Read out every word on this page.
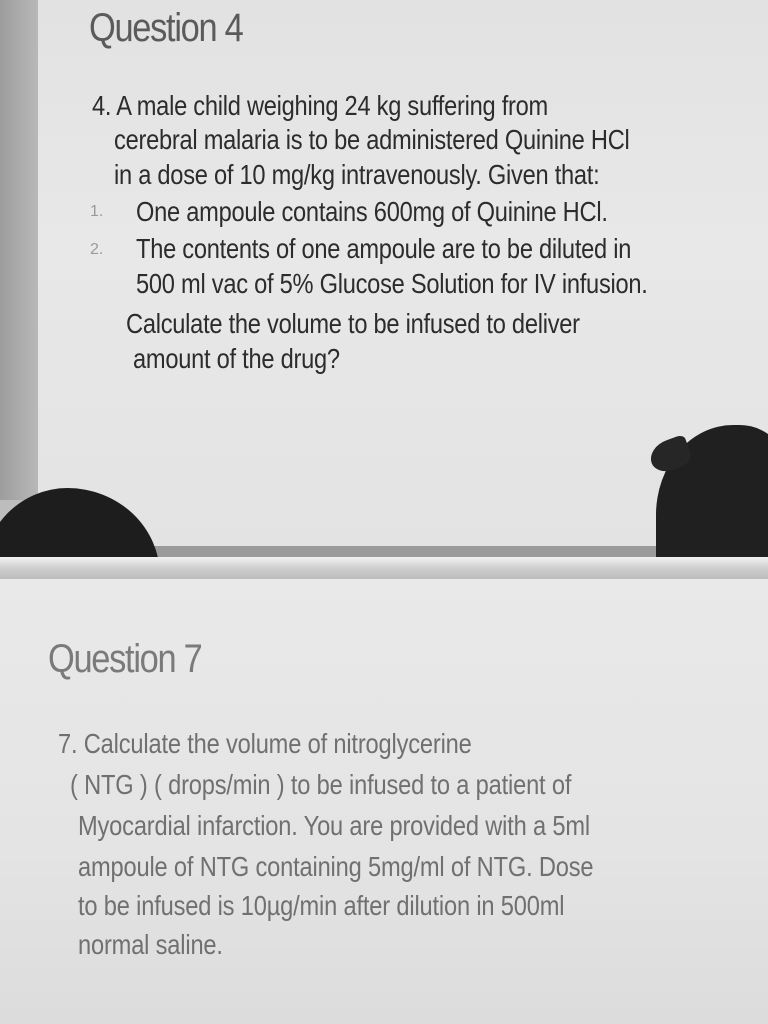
Question 4

4. A male child weighing 24 kg suffering from

cerebral malaria is to be administered Quinine HCl

in a dose of 10 mg/kg intravenously. Given that:

1. One ampoule contains 600mg of Quinine HCl.

2. The contents of one ampoule are to be diluted in

500 ml vac of 5% Glucose Solution for IV infusion.

Calculate the volume to be infused to deliver

amount of the drug?

Question 7

7. Calculate the volume of nitroglycerine

( NTG ) ( drops/min ) to be infused to a patient of

Myocardial infarction. You are provided with a 5ml

ampoule of NTG containing 5mg/ml of NTG. Dose

to be infused is 10µg/min after dilution in 500ml

normal saline.
